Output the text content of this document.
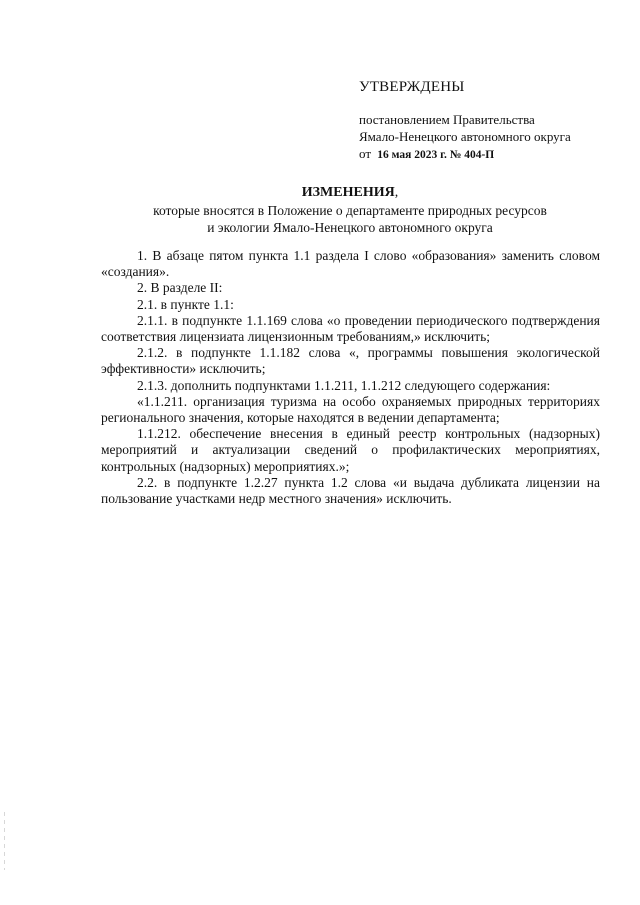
УТВЕРЖДЕНЫ
постановлением Правительства
Ямало-Ненецкого автономного округа
от 16 мая 2023 г. № 404-П
ИЗМЕНЕНИЯ,
которые вносятся в Положение о департаменте природных ресурсов
и экологии Ямало-Ненецкого автономного округа

1. В абзаце пятом пункта 1.1 раздела I слово «образования» заменить словом «создания».

2. В разделе II:

2.1. в пункте 1.1:

2.1.1. в подпункте 1.1.169 слова «о проведении периодического подтверждения соответствия лицензиата лицензионным требованиям,» исключить;

2.1.2. в подпункте 1.1.182 слова «, программы повышения экологической эффективности» исключить;

2.1.3. дополнить подпунктами 1.1.211, 1.1.212 следующего содержания:

«1.1.211. организация туризма на особо охраняемых природных территориях регионального значения, которые находятся в ведении департамента;

1.1.212. обеспечение внесения в единый реестр контрольных (надзорных) мероприятий и актуализации сведений о профилактических мероприятиях, контрольных (надзорных) мероприятиях.»;

2.2. в подпункте 1.2.27 пункта 1.2 слова «и выдача дубликата лицензии на пользование участками недр местного значения» исключить.
